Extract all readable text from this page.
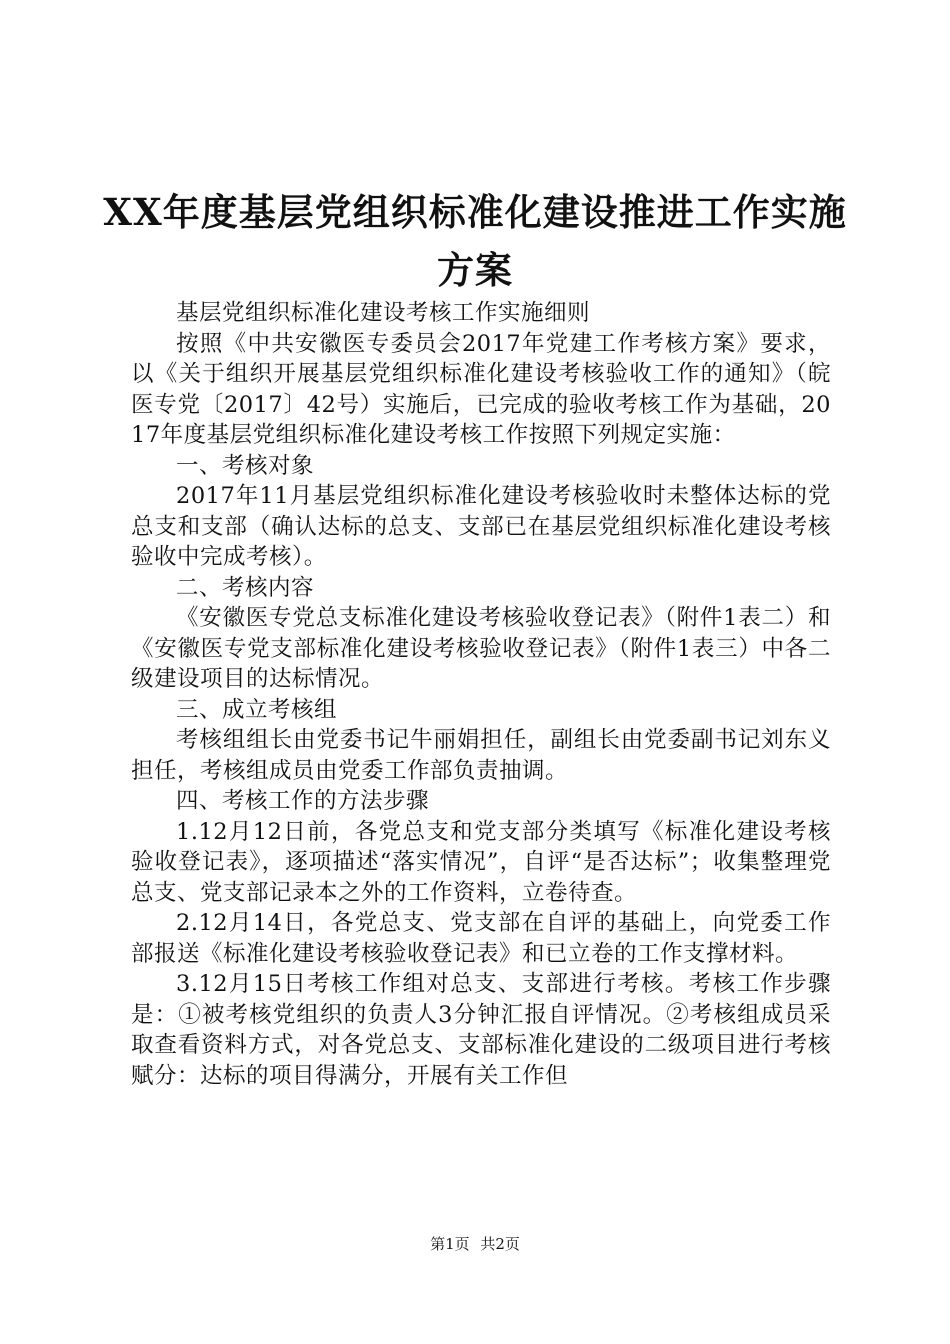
XX年度基层党组织标准化建设推进工作实施
方案

基层党组织标准化建设考核工作实施细则

按照《中共安徽医专委员会2017年党建工作考核方案》要求，以《关于组织开展基层党组织标准化建设考核验收工作的通知》（皖医专党〔2017〕42号）实施后，已完成的验收考核工作为基础，2017年度基层党组织标准化建设考核工作按照下列规定实施：

一、考核对象

2017年11月基层党组织标准化建设考核验收时未整体达标的党总支和支部（确认达标的总支、支部已在基层党组织标准化建设考核验收中完成考核）。

二、考核内容

《安徽医专党总支标准化建设考核验收登记表》（附件1表二）和《安徽医专党支部标准化建设考核验收登记表》（附件1表三）中各二级建设项目的达标情况。

三、成立考核组

考核组组长由党委书记牛丽娟担任，副组长由党委副书记刘东义担任，考核组成员由党委工作部负责抽调。

四、考核工作的方法步骤

1.12月12日前，各党总支和党支部分类填写《标准化建设考核验收登记表》，逐项描述“落实情况”，自评“是否达标”；收集整理党总支、党支部记录本之外的工作资料，立卷待查。

2.12月14日，各党总支、党支部在自评的基础上，向党委工作部报送《标准化建设考核验收登记表》和已立卷的工作支撑材料。

3.12月15日考核工作组对总支、支部进行考核。考核工作步骤是：①被考核党组织的负责人3分钟汇报自评情况。②考核组成员采取查看资料方式，对各党总支、支部标准化建设的二级项目进行考核赋分：达标的项目得满分，开展有关工作但

第1页 共2页
